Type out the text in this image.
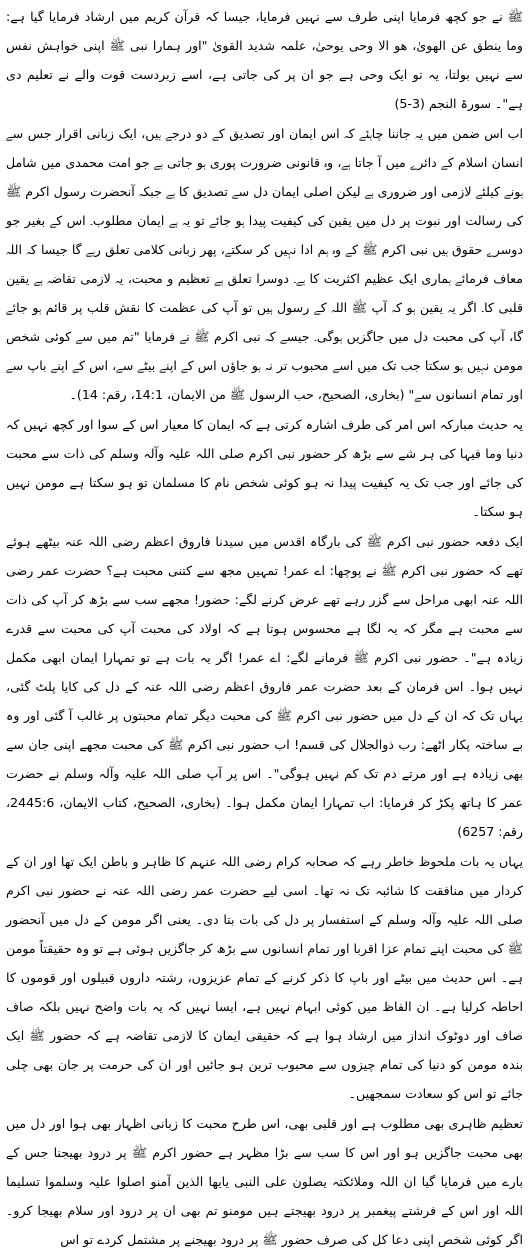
ﷺ نے جو کچھ فرمایا اپنی طرف سے نہیں فرمایا، جیسا کہ قرآن کریم میں ارشاد فرمایا گیا ہے: وما ینطق عن الھویٰ، ھو الا وحی یوحیٰ، علمہ شدید القویٰ "اور ہمارا نبی ﷺ اپنی خواہش نفس سے نہیں بولتا، یہ تو ایک وحی ہے جو ان پر کی جاتی ہے، اسے زبردست قوت والے نے تعلیم دی ہے"۔ سورۃ النجم (3-5)

اب اس ضمن میں یہ جاننا چاہئے کہ اس ایمان اور تصدیق کے دو درجے ہیں، ایک زبانی اقرار جس سے انسان اسلام کے دائرے میں آ جاتا ہے، وہ قانونی ضرورت پوری ہو جاتی ہے جو امت محمدی میں شامل ہونے کیلئے لازمی اور ضروری ہے لیکن اصلی ایمان دل سے تصدیق کا ہے جبکہ آنحضرت رسول اکرم ﷺ کی رسالت اور نبوت پر دل میں یقین کی کیفیت پیدا ہو جائے تو یہ ہے ایمان مطلوب۔ اس کے بغیر جو دوسرے حقوق ہیں نبی اکرم ﷺ کے وہ ہم ادا نہیں کر سکتے، پھر زبانی کلامی تعلق رہے گا جیسا کہ اللہ معاف فرمائے ہماری ایک عظیم اکثریت کا ہے۔ دوسرا تعلق ہے تعظیم و محبت، یہ لازمی تقاضہ ہے یقین قلبی کا۔ اگر یہ یقین ہو کہ آپ ﷺ اللہ کے رسول ہیں تو آپ کی عظمت کا نقش قلب پر قائم ہو جائے گا، آپ کی محبت دل میں جاگزیں ہوگی۔ جیسے کہ نبی اکرم ﷺ نے فرمایا "تم میں سے کوئی شخص مومن نہیں ہو سکتا جب تک میں اسے محبوب تر نہ ہو جاؤں اس کے اپنے بیٹے سے، اس کے اپنے باپ سے اور تمام انسانوں سے" (بخاری، الصحیح، حب الرسول ﷺ من الایمان، 14:1، رقم: 14)۔

یہ حدیث مبارکہ اس امر کی طرف اشارہ کرتی ہے کہ ایمان کا معیار اس کے سوا اور کچھ نہیں کہ دنیا وما فیہا کی ہر شے سے بڑھ کر حضور نبی اکرم صلی اللہ علیہ وآلہ وسلم کی ذات سے محبت کی جائے اور جب تک یہ کیفیت پیدا نہ ہو کوئی شخص نام کا مسلمان تو ہو سکتا ہے مومن نہیں ہو سکتا۔

ایک دفعہ حضور نبی اکرم ﷺ کی بارگاہ اقدس میں سیدنا فاروق اعظم رضی اللہ عنہ بیٹھے ہوئے تھے کہ حضور نبی اکرم ﷺ نے پوچھا: اے عمر! تمہیں مجھ سے کتنی محبت ہے؟ حضرت عمر رضی اللہ عنہ ابھی مراحل سے گزر رہے تھے عرض کرنے لگے: حضور! مجھے سب سے بڑھ کر آپ کی ذات سے محبت ہے مگر کہ یہ لگا ہے محسوس ہوتا ہے کہ اولاد کی محبت آپ کی محبت سے قدرے زیادہ ہے"۔ حضور نبی اکرم ﷺ فرمانے لگے: اے عمر! اگر یہ بات ہے تو تمہارا ایمان ابھی مکمل نہیں ہوا۔ اس فرمان کے بعد حضرت عمر فاروق اعظم رضی اللہ عنہ کے دل کی کایا پلٹ گئی، یہاں تک کہ ان کے دل میں حضور نبی اکرم ﷺ کی محبت دیگر تمام محبتوں پر غالب آ گئی اور وہ بے ساختہ پکار اٹھے: رب ذوالجلال کی قسم! اب حضور نبی اکرم ﷺ کی محبت مجھے اپنی جان سے بھی زیادہ ہے اور مرتے دم تک کم نہیں ہوگی"۔ اس پر آپ صلی اللہ علیہ وآلہ وسلم نے حضرت عمر کا ہاتھ پکڑ کر فرمایا: اب تمہارا ایمان مکمل ہوا۔ (بخاری، الصحیح، کتاب الایمان، 2445:6، رقم: 6257)

یہاں یہ بات ملحوظ خاطر رہے کہ صحابہ کرام رضی اللہ عنہم کا ظاہر و باطن ایک تھا اور ان کے کردار میں منافقت کا شائبہ تک نہ تھا۔ اسی لیے حضرت عمر رضی اللہ عنہ نے حضور نبی اکرم صلی اللہ علیہ وآلہ وسلم کے استفسار پر دل کی بات بتا دی۔ یعنی اگر مومن کے دل میں آنحضور ﷺ کی محبت اپنے تمام عزا اقربا اور تمام انسانوں سے بڑھ کر جاگزیں ہوئی ہے تو وہ حقیقتاً مومن ہے۔ اس حدیث میں بیٹے اور باپ کا ذکر کرنے کے تمام عزیزوں، رشتہ داروں قبیلوں اور قوموں کا احاطہ کرلیا ہے۔ ان الفاظ میں کوئی ابہام نہیں ہے، ایسا نہیں کہ یہ بات واضح نہیں بلکہ صاف صاف اور دوٹوک انداز میں ارشاد ہوا ہے کہ حقیقی ایمان کا لازمی تقاضہ ہے کہ حضور ﷺ ایک بندہ مومن کو دنیا کی تمام چیزوں سے محبوب ترین ہو جائیں اور ان کی حرمت پر جان بھی چلی جائے تو اس کو سعادت سمجھیں۔

تعظیم ظاہری بھی مطلوب ہے اور قلبی بھی، اس طرح محبت کا زبانی اظہار بھی ہوا اور دل میں بھی محبت جاگزیں ہو اور اس کا سب سے بڑا مظہر ہے حضور اکرم ﷺ پر درود بھیجنا جس کے بارے میں فرمایا گیا ان اللہ وملائکتہ یصلون علی النبی یایھا الذین آمنو اصلوا علیہ وسلموا تسلیما اللہ اور اس کے فرشتے پیغمبر پر درود بھیجتے ہیں مومنو تم بھی ان پر درود اور سلام بھیجا کرو۔ اگر کوئی شخص اپنی دعا کل کی صرف حضور ﷺ پر درود بھیجنے پر مشتمل کردے تو اس
